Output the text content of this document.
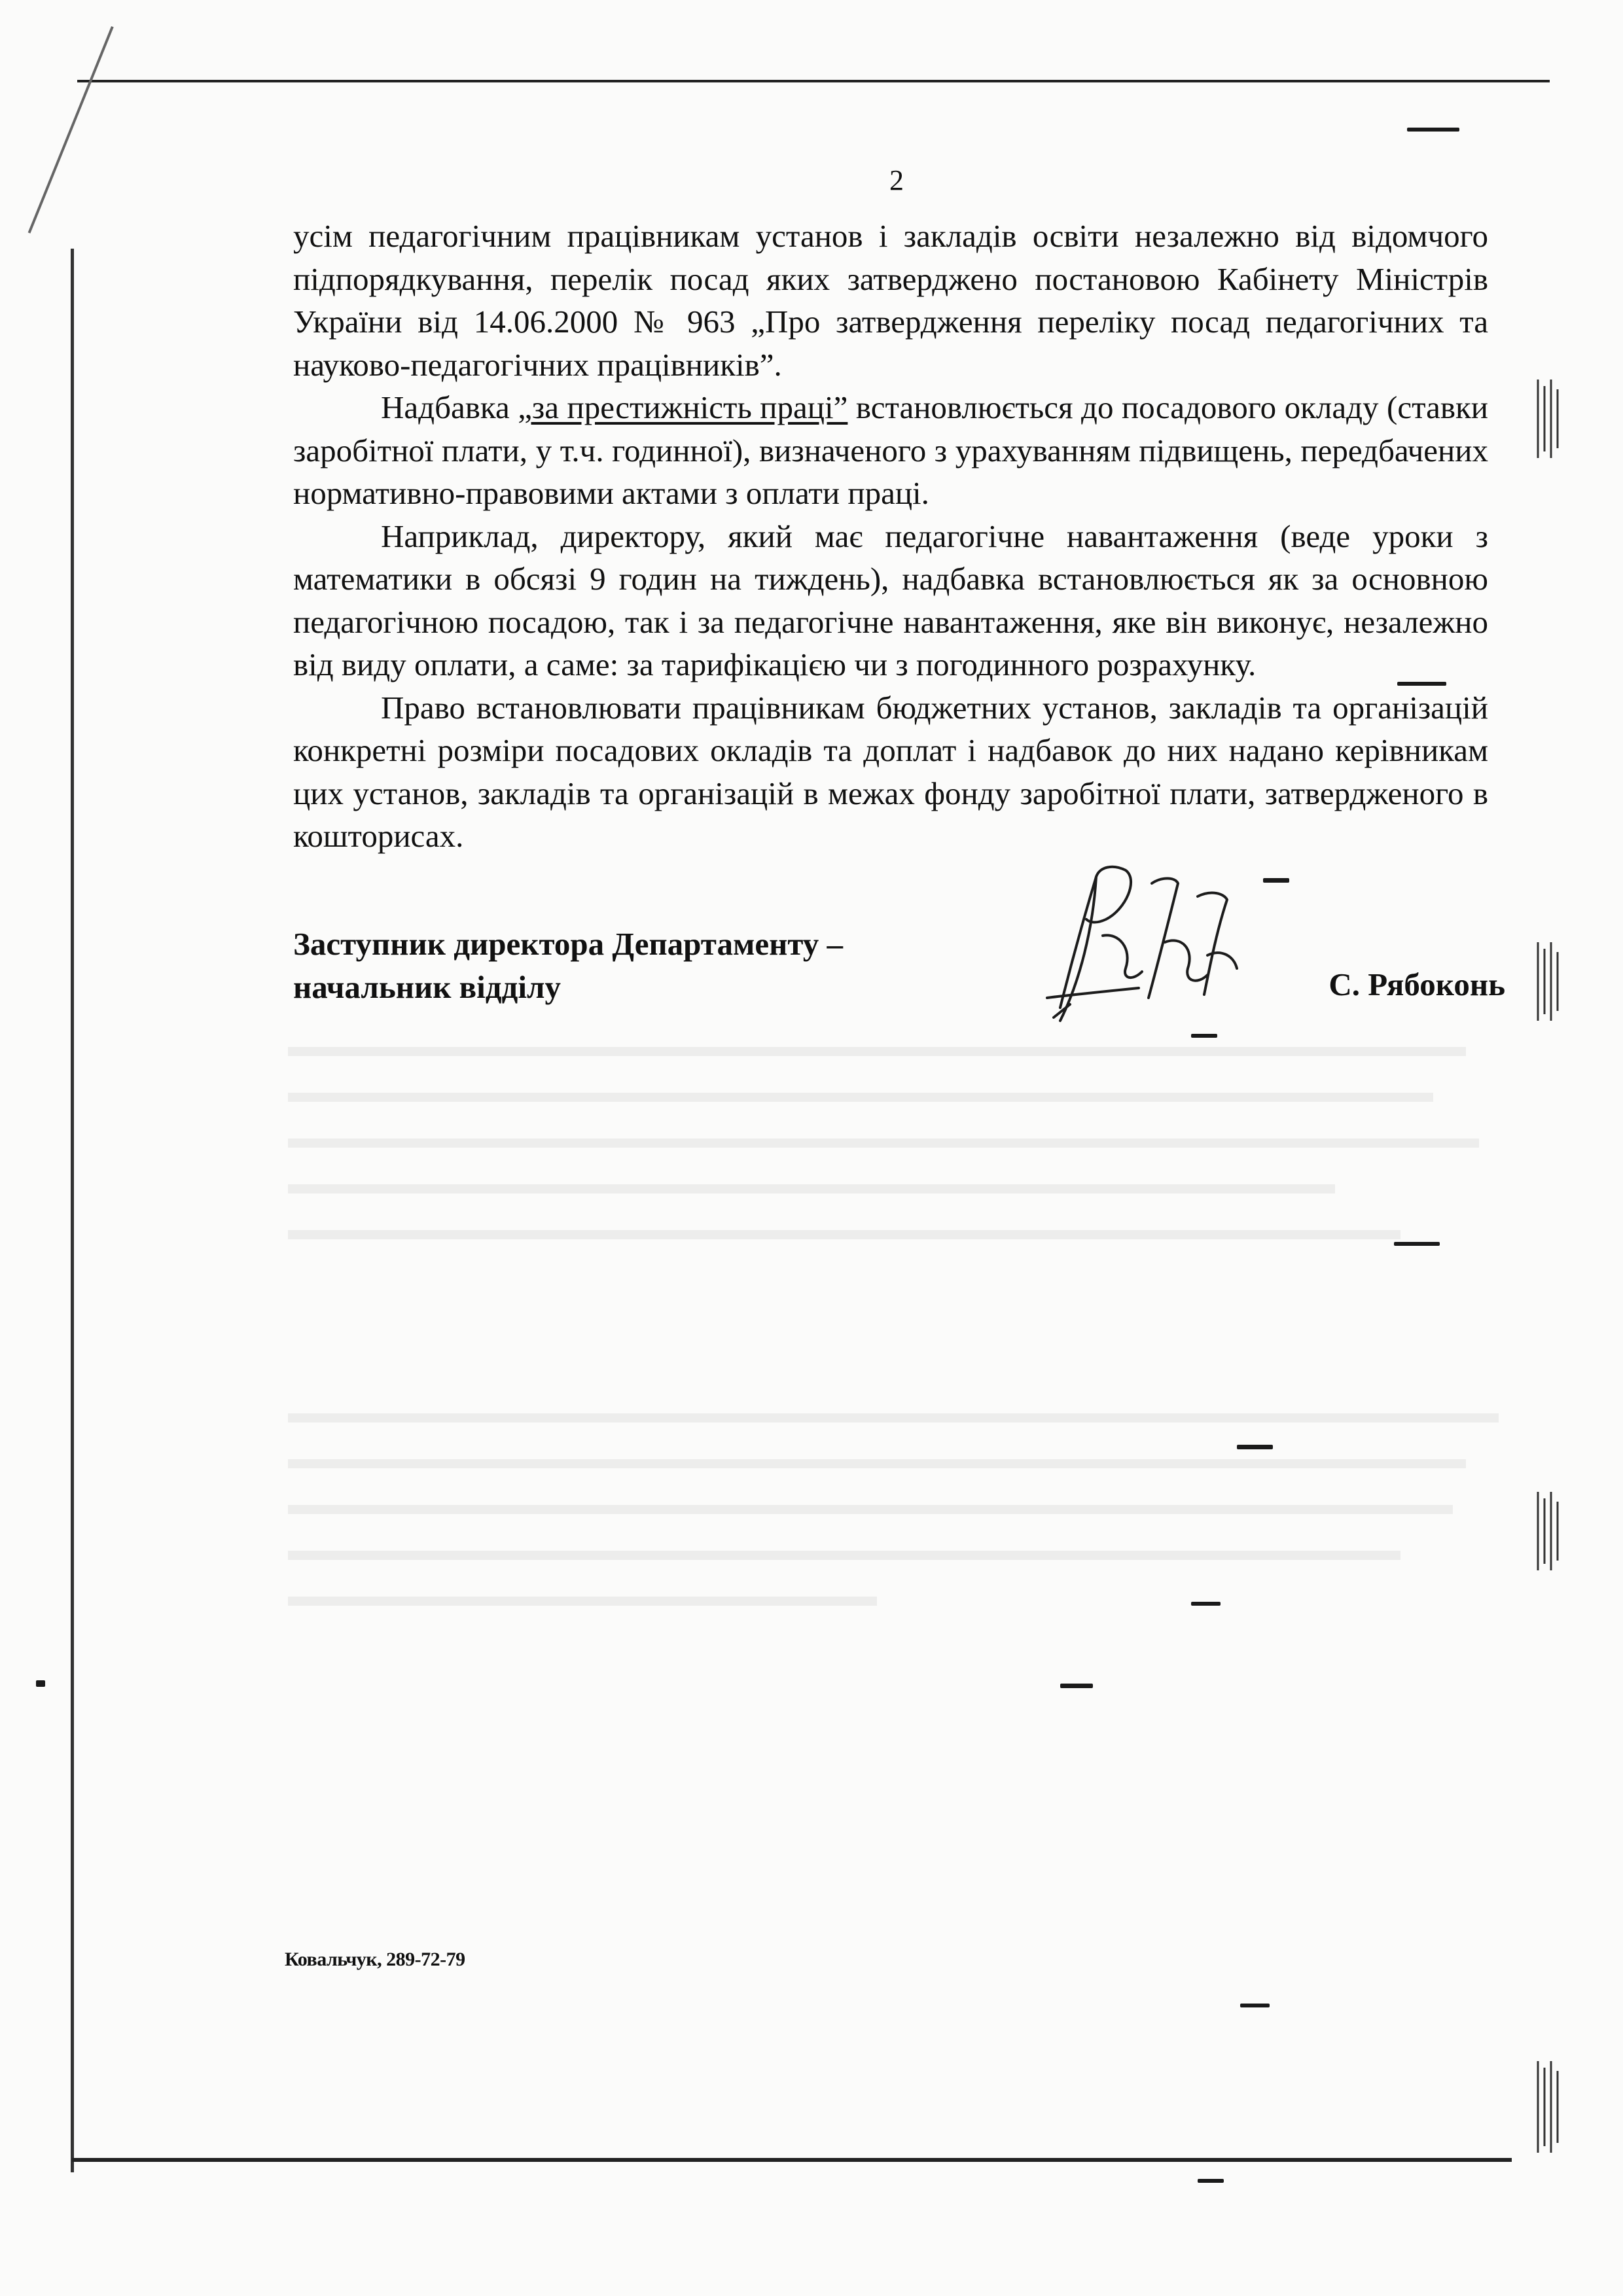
2

усім педагогічним працівникам установ і закладів освіти незалежно від відомчого підпорядкування, перелік посад яких затверджено постановою Кабінету Міністрів України від 14.06.2000 № 963 „Про затвердження переліку посад педагогічних та науково-педагогічних працівників”.

Надбавка „за престижність праці” встановлюється до посадового окладу (ставки заробітної плати, у т.ч. годинної), визначеного з урахуванням підвищень, передбачених нормативно-правовими актами з оплати праці.

Наприклад, директору, який має педагогічне навантаження (веде уроки з математики в обсязі 9 годин на тиждень), надбавка встановлюється як за основною педагогічною посадою, так і за педагогічне навантаження, яке він виконує, незалежно від виду оплати, а саме: за тарифікацією чи з погодинного розрахунку.

Право встановлювати працівникам бюджетних установ, закладів та організацій конкретні розміри посадових окладів та доплат і надбавок до них надано керівникам цих установ, закладів та організацій в межах фонду заробітної плати, затвердженого в кошторисах.

Заступник директора Департаменту –
начальник відділу	С. Рябоконь
Ковальчук, 289-72-79
